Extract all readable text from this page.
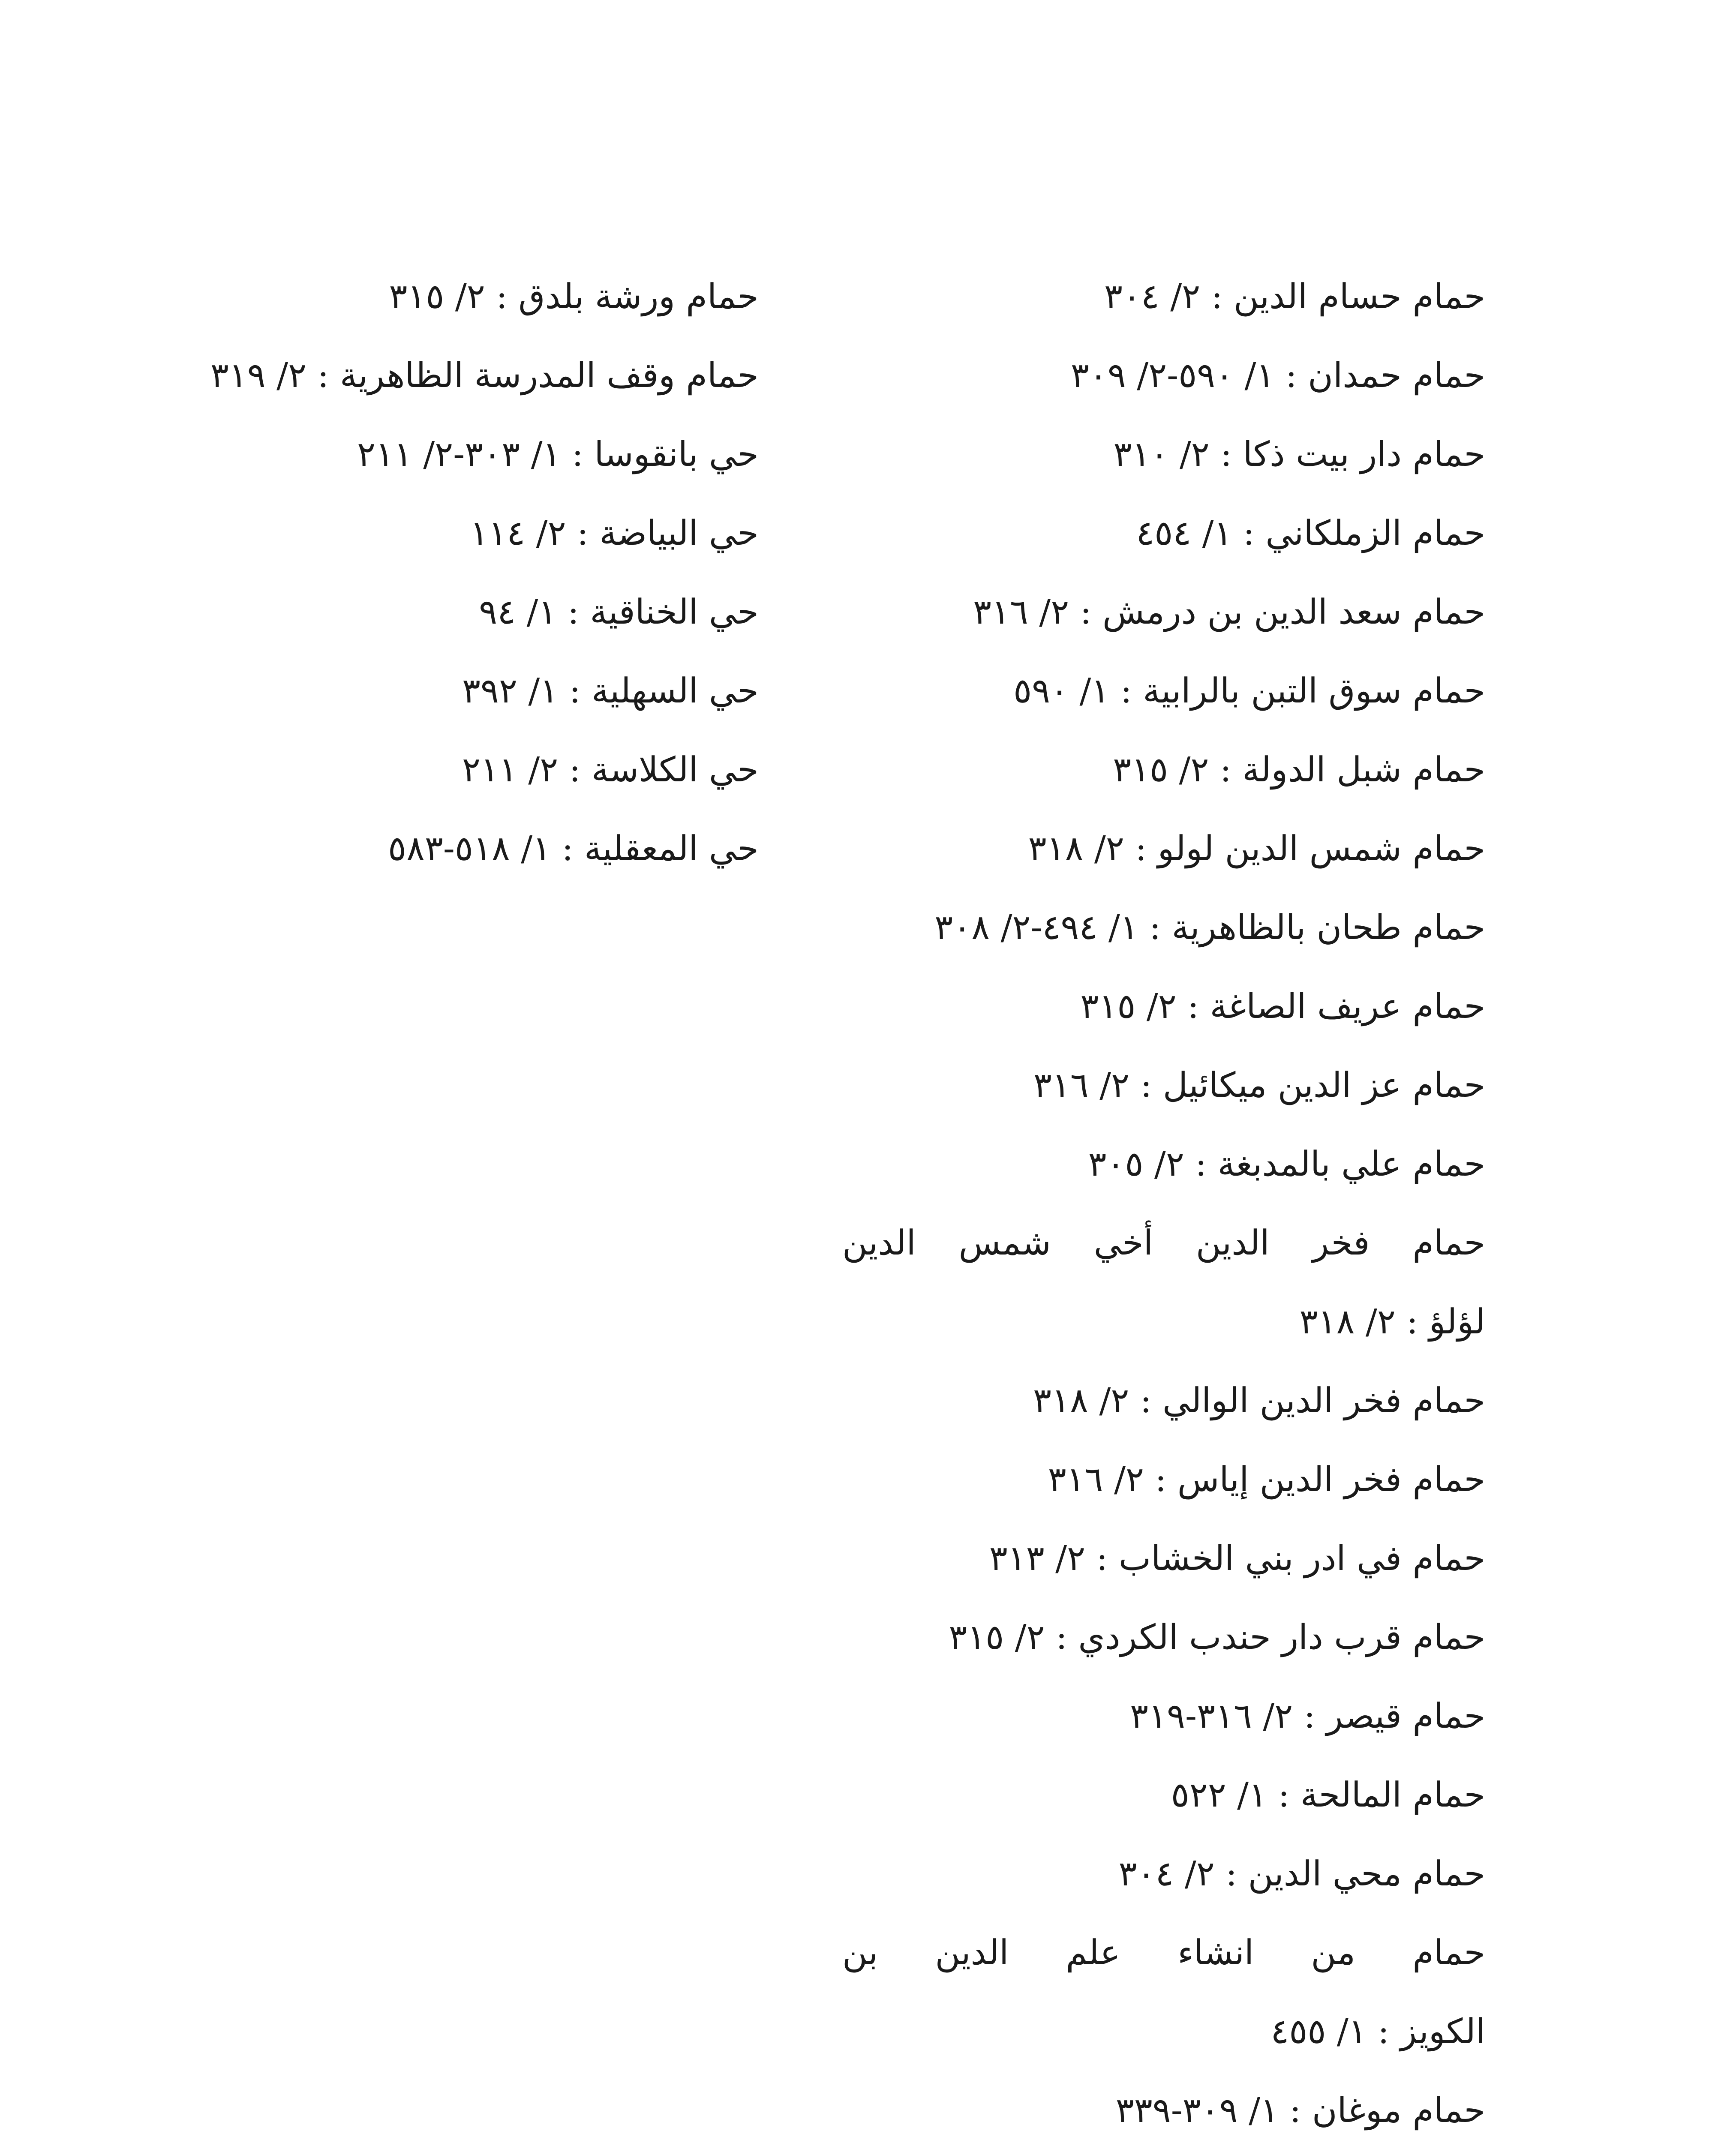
حمام حسام الدين : ٢/ ٣٠٤
حمام حمدان : ١/ ٥٩٠-٢/ ٣٠٩
حمام دار بيت ذكا : ٢/ ٣١٠
حمام الزملكاني : ١/ ٤٥٤
حمام سعد الدين بن درمش : ٢/ ٣١٦
حمام سوق التبن بالرابية : ١/ ٥٩٠
حمام شبل الدولة : ٢/ ٣١٥
حمام شمس الدين لولو : ٢/ ٣١٨
حمام طحان بالظاهرية : ١/ ٤٩٤-٢/ ٣٠٨
حمام عريف الصاغة : ٢/ ٣١٥
حمام عز الدين ميكائيل : ٢/ ٣١٦
حمام علي بالمدبغة : ٢/ ٣٠٥
حمام فخر الدين أخي شمس الدين
لؤلؤ : ٢/ ٣١٨
حمام فخر الدين الوالي : ٢/ ٣١٨
حمام فخر الدين إياس : ٢/ ٣١٦
حمام في ادر بني الخشاب : ٢/ ٣١٣
حمام قرب دار حندب الكردي : ٢/ ٣١٥
حمام قيصر : ٢/ ٣١٦-٣١٩
حمام المالحة : ١/ ٥٢٢
حمام محي الدين : ٢/ ٣٠٤
حمام من انشاء علم الدين بن
الكويز : ١/ ٤٥٥
حمام موغان : ١/ ٣٠٩-٣٣٩
حمام ورشة بلدق : ٢/ ٣١٥
حمام وقف المدرسة الظاهرية : ٢/ ٣١٩
حي بانقوسا : ١/ ٣٠٣-٢/ ٢١١
حي البياضة : ٢/ ١١٤
حي الخناقية : ١/ ٩٤
حي السهلية : ١/ ٣٩٢
حي الكلاسة : ٢/ ٢١١
حي المعقلية : ١/ ٥١٨-٥٨٣
